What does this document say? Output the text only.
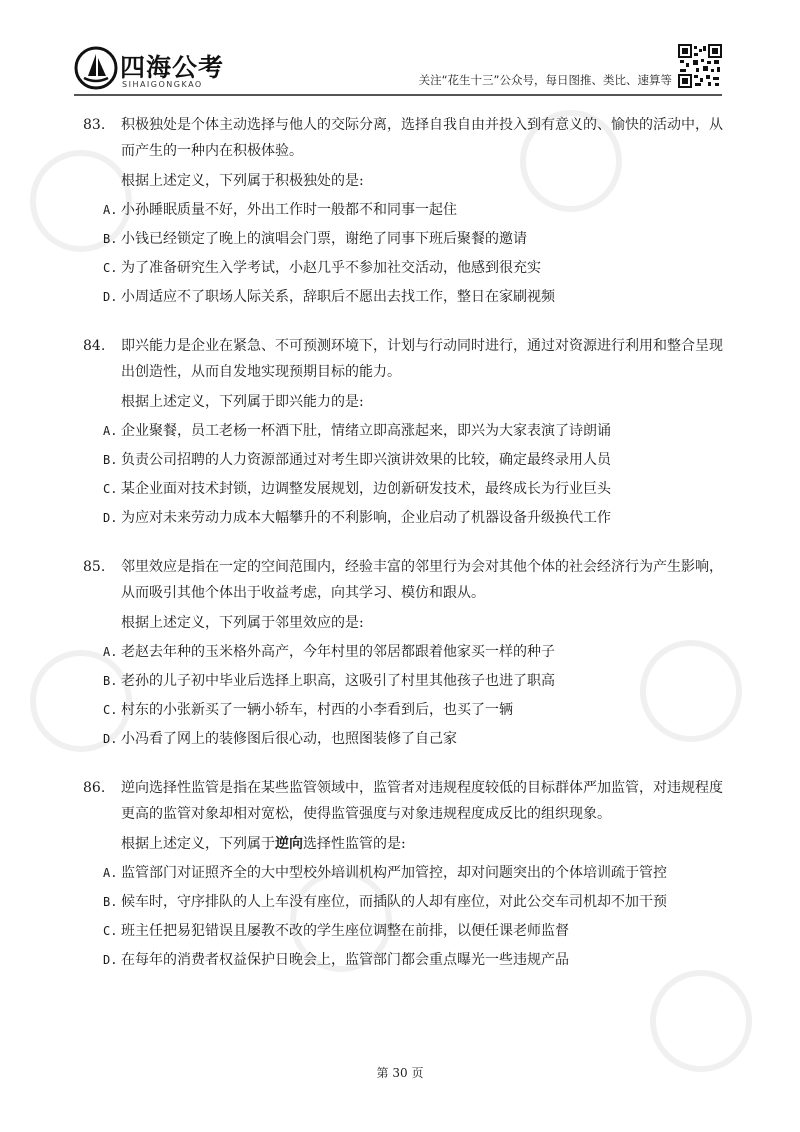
四海公考
SIHAIGONGKAO	关注“花生十三”公众号，每日图推、类比、速算等
83. 积极独处是个体主动选择与他人的交际分离，选择自我自由并投入到有意义的、愉快的活动中，从而产生的一种内在积极体验。
根据上述定义，下列属于积极独处的是:
A. 小孙睡眠质量不好，外出工作时一般都不和同事一起住
B. 小钱已经锁定了晚上的演唱会门票，谢绝了同事下班后聚餐的邀请
C. 为了准备研究生入学考试，小赵几乎不参加社交活动，他感到很充实
D. 小周适应不了职场人际关系，辞职后不愿出去找工作，整日在家刷视频
84. 即兴能力是企业在紧急、不可预测环境下，计划与行动同时进行，通过对资源进行利用和整合呈现出创造性，从而自发地实现预期目标的能力。
根据上述定义，下列属于即兴能力的是:
A. 企业聚餐，员工老杨一杯酒下肚，情绪立即高涨起来，即兴为大家表演了诗朗诵
B. 负责公司招聘的人力资源部通过对考生即兴演讲效果的比较，确定最终录用人员
C. 某企业面对技术封锁，边调整发展规划，边创新研发技术，最终成长为行业巨头
D. 为应对未来劳动力成本大幅攀升的不利影响，企业启动了机器设备升级换代工作
85. 邻里效应是指在一定的空间范围内，经验丰富的邻里行为会对其他个体的社会经济行为产生影响，从而吸引其他个体出于收益考虑，向其学习、模仿和跟从。
根据上述定义，下列属于邻里效应的是:
A. 老赵去年种的玉米格外高产，今年村里的邻居都跟着他家买一样的种子
B. 老孙的儿子初中毕业后选择上职高，这吸引了村里其他孩子也进了职高
C. 村东的小张新买了一辆小轿车，村西的小李看到后，也买了一辆
D. 小冯看了网上的装修图后很心动，也照图装修了自己家
86. 逆向选择性监管是指在某些监管领域中，监管者对违规程度较低的目标群体严加监管，对违规程度更高的监管对象却相对宽松，使得监管强度与对象违规程度成反比的组织现象。
根据上述定义，下列属于逆向选择性监管的是:
A. 监管部门对证照齐全的大中型校外培训机构严加管控，却对问题突出的个体培训疏于管控
B. 候车时，守序排队的人上车没有座位，而插队的人却有座位，对此公交车司机却不加干预
C. 班主任把易犯错误且屡教不改的学生座位调整在前排，以便任课老师监督
D. 在每年的消费者权益保护日晚会上，监管部门都会重点曝光一些违规产品
第 30 页
